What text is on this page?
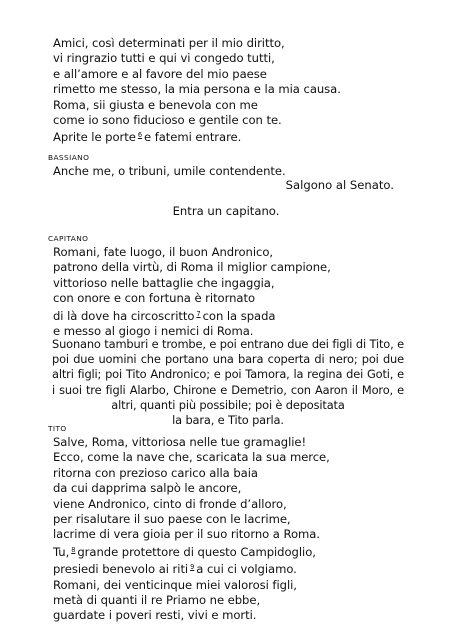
Amici, così determinati per il mio diritto,
vi ringrazio tutti e qui vi congedo tutti,
e all’amore e al favore del mio paese
rimetto me stesso, la mia persona e la mia causa.
Roma, sii giusta e benevola con me
come io sono fiducioso e gentile con te.
Aprite le porte $^6$ e fatemi entrare.
BASSIANO
Anche me, o tribuni, umile contendente.
Salgono al Senato.
Entra un capitano.
CAPITANO
Romani, fate luogo, il buon Andronico,
patrono della virtù, di Roma il miglior campione,
vittorioso nelle battaglie che ingaggia,
con onore e con fortuna è ritornato
di là dove ha circoscritto $^7$ con la spada
e messo al giogo i nemici di Roma.
Suonano tamburi e trombe, e poi entrano due dei figli di Tito, e poi due uomini che portano una bara coperta di nero; poi due altri figli; poi Tito Andronico; e poi Tamora, la regina dei Goti, e i suoi tre figli Alarbo, Chirone e Demetrio, con Aaron il Moro, e altri, quanti più possibile; poi è depositata
la bara, e Tito parla.
TITO
Salve, Roma, vittoriosa nelle tue gramaglie!
Ecco, come la nave che, scaricata la sua merce,
ritorna con prezioso carico alla baia
da cui dapprima salpò le ancore,
viene Andronico, cinto di fronde d’alloro,
per risalutare il suo paese con le lacrime,
lacrime di vera gioia per il suo ritorno a Roma.
Tu, $^8$ grande protettore di questo Campidoglio,
presiedi benevolo ai riti $^9$ a cui ci volgiamo.
Romani, dei venticinque miei valorosi figli,
metà di quanti il re Priamo ne ebbe,
guardate i poveri resti, vivi e morti.
